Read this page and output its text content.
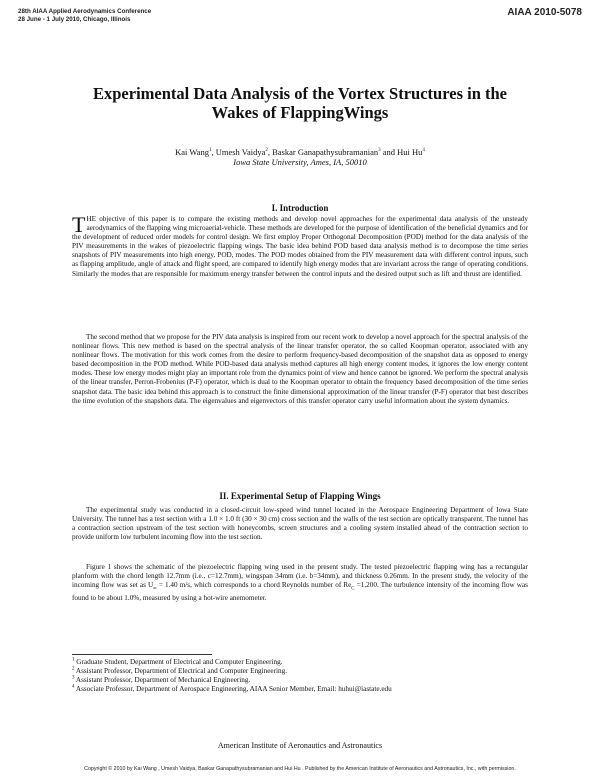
28th AIAA Applied Aerodynamics Conference
28 June - 1 July 2010, Chicago, Illinois
AIAA 2010-5078
Experimental Data Analysis of the Vortex Structures in the
Wakes of FlappingWings
Kai Wang$^1$, Umesh Vaidya$^2$, Baskar Ganapathysubramanian$^3$ and Hui Hu$^4$
Iowa State University, Ames, IA, 50010
I. Introduction

THE objective of this paper is to compare the existing methods and develop novel approaches for the experimental data analysis of the unsteady aerodynamics of the flapping wing microaerial-vehicle. These methods are developed for the purpose of identification of the beneficial dynamics and for the development of reduced order models for control design. We first employ Proper Orthogonal Decomposition (POD) method for the data analysis of the PIV measurements in the wakes of piezoelectric flapping wings. The basic idea behind POD based data analysis method is to decompose the time series snapshots of PIV measurements into high energy, POD, modes. The POD modes obtained from the PIV measurement data with different control inputs, such as flapping amplitude, angle of attack and flight speed, are compared to identify high energy modes that are invariant across the range of operating conditions. Similarly the modes that are responsible for maximum energy transfer between the control inputs and the desired output such as lift and thrust are identified.

The second method that we propose for the PIV data analysis is inspired from our recent work to develop a novel approach for the spectral analysis of the nonlinear flows. This new method is based on the spectral analysis of the linear transfer operator, the so called Koopman operator, associated with any nonlinear flows. The motivation for this work comes from the desire to perform frequency-based decomposition of the snapshot data as opposed to energy based decomposition in the POD method. While POD-based data analysis method captures all high energy content modes, it ignores the low energy content modes. These low energy modes might play an important role from the dynamics point of view and hence cannot be ignored. We perform the spectral analysis of the linear transfer, Perron-Frobenius (P-F) operator, which is dual to the Koopman operator to obtain the frequency based decomposition of the time series snapshot data. The basic idea behind this approach is to construct the finite dimensional approximation of the linear transfer (P-F) operator that best describes the time evolution of the snapshots data. The eigenvalues and eigenvectors of this transfer operator carry useful information about the system dynamics.

II. Experimental Setup of Flapping Wings

The experimental study was conducted in a closed-circuit low-speed wind tunnel located in the Aerospace Engineering Department of Iowa State University. The tunnel has a test section with a 1.0 × 1.0 ft (30 × 30 cm) cross section and the walls of the test section are optically transparent. The tunnel has a contraction section upstream of the test section with honeycombs, screen structures and a cooling system installed ahead of the contraction section to provide uniform low turbulent incoming flow into the test section.

Figure 1 shows the schematic of the piezoelectric flapping wing used in the present study. The tested piezoelectric flapping wing has a rectangular planform with the chord length 12.7mm (i.e., c=12.7mm), wingspan 34mm (i.e. b=34mm), and thickness 0.26mm. In the present study, the velocity of the incoming flow was set as $U_\infty = 1.40$ m/s, which corresponds to a chord Reynolds number of $Re_C =1,200$. The turbulence intensity of the incoming flow was found to be about 1.0%, measured by using a hot-wire anemometer.

$^1$ Graduate Student, Department of Electrical and Computer Engineering.
$^2$ Assistant Professor, Department of Electrical and Computer Engineering.
$^3$ Assistant Professor, Department of Mechanical Engineering.
$^4$ Associate Professor, Department of Aerospace Engineering, AIAA Senior Member, Email: huhui@iastate.edu
American Institute of Aeronautics and Astronautics
Copyright © 2010 by Kai Wang , Umesh Vaidya, Baskar Ganapathysubramanian and Hui Hu . Published by the American Institute of Aeronautics and Astronautics, Inc., with permission.
